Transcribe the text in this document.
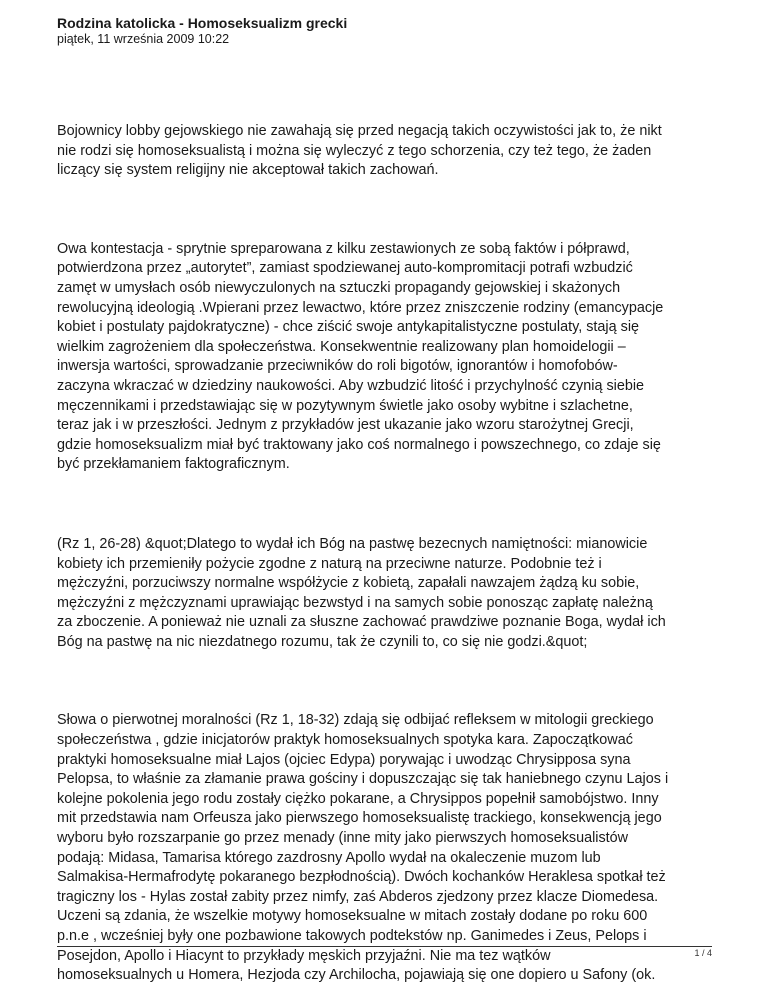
Rodzina katolicka - Homoseksualizm grecki

piątek, 11 września 2009 10:22

Bojownicy lobby gejowskiego nie zawahają się przed negacją takich oczywistości jak to, że nikt
nie rodzi się homoseksualistą i można się wyleczyć z tego schorzenia, czy też tego, że żaden
liczący się system religijny nie akceptował takich zachowań.

Owa kontestacja - sprytnie spreparowana z kilku zestawionych ze sobą faktów i półprawd,
potwierdzona przez „autorytet”, zamiast spodziewanej auto-kompromitacji potrafi wzbudzić
zamęt w umysłach osób niewyczulonych na sztuczki propagandy gejowskiej i skażonych
rewolucyjną ideologią .Wpierani przez lewactwo, które przez zniszczenie rodziny (emancypacje
kobiet i postulaty pajdokratyczne) - chce ziścić swoje antykapitalistyczne postulaty, stają się
wielkim zagrożeniem dla społeczeństwa. Konsekwentnie realizowany plan homoidelogii –
inwersja wartości, sprowadzanie przeciwników do roli bigotów, ignorantów i homofobów-
zaczyna wkraczać w dziedziny naukowości. Aby wzbudzić litość i przychylność czynią siebie
męczennikami i przedstawiając się w pozytywnym świetle jako osoby wybitne i szlachetne,
teraz jak i w przeszłości. Jednym z przykładów jest ukazanie jako wzoru starożytnej Grecji,
gdzie homoseksualizm miał być traktowany jako coś normalnego i powszechnego, co zdaje się
być przekłamaniem faktograficznym.

(Rz 1, 26-28) &quot;Dlatego to wydał ich Bóg na pastwę bezecnych namiętności: mianowicie
kobiety ich przemieniły pożycie zgodne z naturą na przeciwne naturze. Podobnie też i
mężczyźni, porzuciwszy normalne współżycie z kobietą, zapałali nawzajem żądzą ku sobie,
mężczyźni z mężczyznami uprawiając bezwstyd i na samych sobie ponosząc zapłatę należną
za zboczenie. A ponieważ nie uznali za słuszne zachować prawdziwe poznanie Boga, wydał ich
Bóg na pastwę na nic niezdatnego rozumu, tak że czynili to, co się nie godzi.&quot;

Słowa o pierwotnej moralności (Rz 1, 18-32) zdają się odbijać refleksem w mitologii greckiego
społeczeństwa , gdzie inicjatorów praktyk homoseksualnych spotyka kara. Zapoczątkować
praktyki homoseksualne miał Lajos (ojciec Edypa) porywając i uwodząc Chrysipposa syna
Pelopsa, to właśnie za złamanie prawa gościny i dopuszczając się tak haniebnego czynu Lajos i
kolejne pokolenia jego rodu zostały ciężko pokarane, a Chrysippos popełnił samobójstwo. Inny
mit przedstawia nam Orfeusza jako pierwszego homoseksualistę trackiego, konsekwencją jego
wyboru było rozszarpanie go przez menady (inne mity jako pierwszych homoseksualistów
podają: Midasa, Tamarisa którego zazdrosny Apollo wydał na okaleczenie muzom lub
Salmakisa-Hermafrodytę pokaranego bezpłodnością). Dwóch kochanków Heraklesa spotkał też
tragiczny los - Hylas został zabity przez nimfy, zaś Abderos zjedzony przez klacze Diomedesa.
Uczeni są zdania, że wszelkie motywy homoseksualne w mitach zostały dodane po roku 600
p.n.e , wcześniej były one pozbawione takowych podtekstów np. Ganimedes i Zeus, Pelops i
Posejdon, Apollo i Hiacynt to przykłady męskich przyjaźni. Nie ma tez wątków
homoseksualnych u Homera, Hezjoda czy Archilocha, pojawiają się one dopiero u Safony (ok.

1 / 4
